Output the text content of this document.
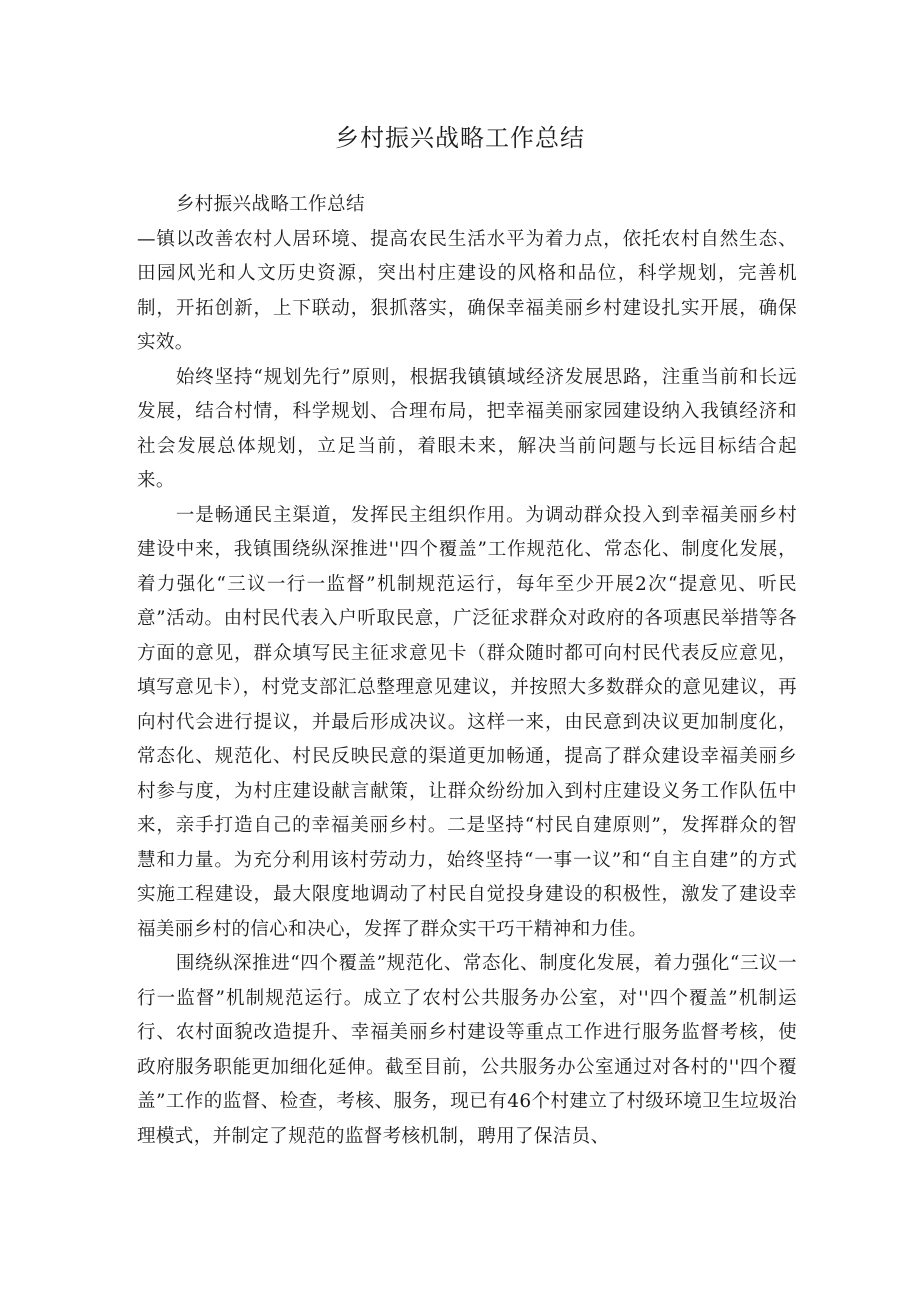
乡村振兴战略工作总结

乡村振兴战略工作总结

—镇以改善农村人居环境、提高农民生活水平为着力点，依托农村自然生态、田园风光和人文历史资源，突出村庄建设的风格和品位，科学规划，完善机制，开拓创新，上下联动，狠抓落实，确保幸福美丽乡村建设扎实开展，确保实效。

始终坚持“规划先行”原则，根据我镇镇域经济发展思路，注重当前和长远发展，结合村情，科学规划、合理布局，把幸福美丽家园建设纳入我镇经济和社会发展总体规划，立足当前，着眼未来，解决当前问题与长远目标结合起来。

一是畅通民主渠道，发挥民主组织作用。为调动群众投入到幸福美丽乡村建设中来，我镇围绕纵深推进''四个覆盖”工作规范化、常态化、制度化发展，着力强化“三议一行一监督”机制规范运行，每年至少开展2次“提意见、听民意”活动。由村民代表入户听取民意，广泛征求群众对政府的各项惠民举措等各方面的意见，群众填写民主征求意见卡（群众随时都可向村民代表反应意见，填写意见卡），村党支部汇总整理意见建议，并按照大多数群众的意见建议，再向村代会进行提议，并最后形成决议。这样一来，由民意到决议更加制度化，常态化、规范化、村民反映民意的渠道更加畅通，提高了群众建设幸福美丽乡村参与度，为村庄建设献言献策，让群众纷纷加入到村庄建设义务工作队伍中来，亲手打造自己的幸福美丽乡村。二是坚持“村民自建原则”，发挥群众的智慧和力量。为充分利用该村劳动力，始终坚持“一事一议”和“自主自建”的方式实施工程建设，最大限度地调动了村民自觉投身建设的积极性，激发了建设幸福美丽乡村的信心和决心，发挥了群众实干巧干精神和力佳。

围绕纵深推进“四个覆盖”规范化、常态化、制度化发展，着力强化“三议一行一监督”机制规范运行。成立了农村公共服务办公室，对''四个覆盖”机制运行、农村面貌改造提升、幸福美丽乡村建设等重点工作进行服务监督考核，使政府服务职能更加细化延伸。截至目前，公共服务办公室通过对各村的''四个覆盖”工作的监督、检查，考核、服务，现已有46个村建立了村级环境卫生垃圾治理模式，并制定了规范的监督考核机制，聘用了保洁员、
